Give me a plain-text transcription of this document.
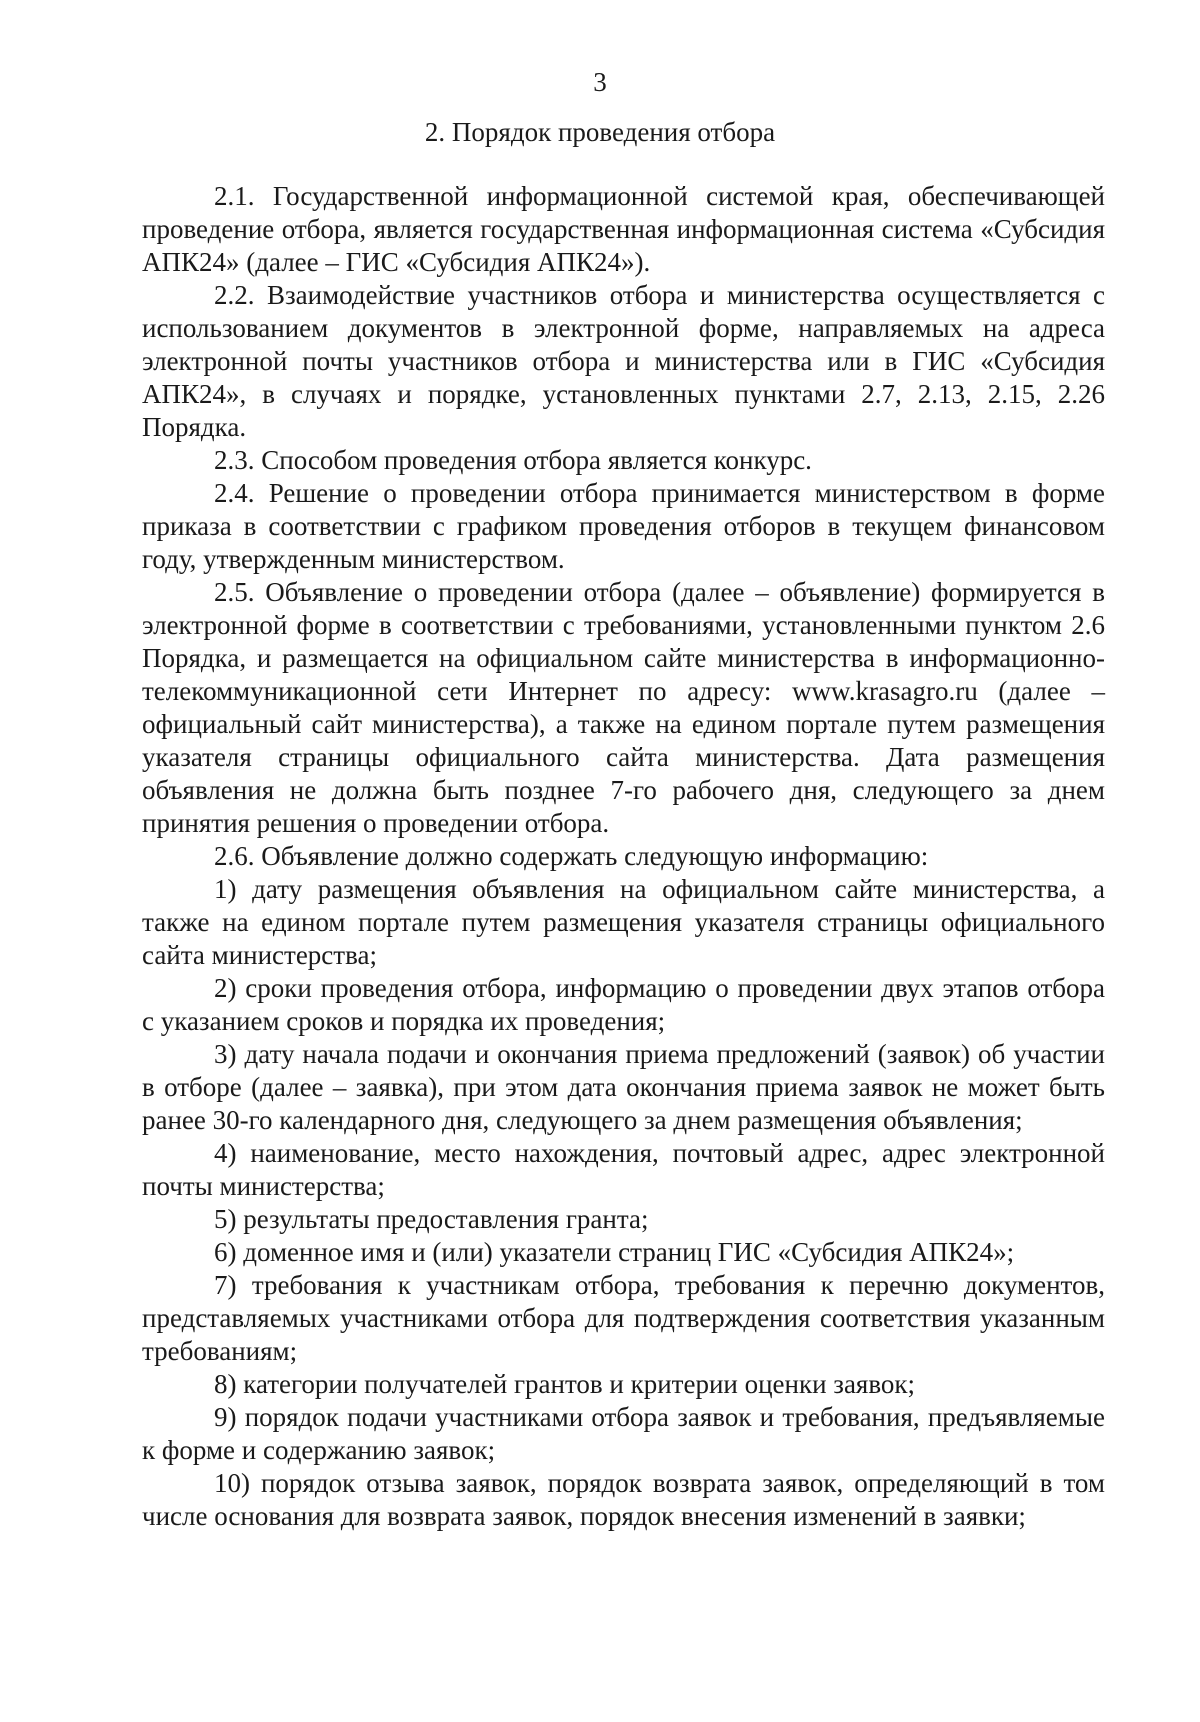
3
2. Порядок проведения отбора

2.1. Государственной информационной системой края, обеспечивающей проведение отбора, является государственная информационная система «Субсидия АПК24» (далее – ГИС «Субсидия АПК24»).

2.2. Взаимодействие участников отбора и министерства осуществляется с использованием документов в электронной форме, направляемых на адреса электронной почты участников отбора и министерства или в ГИС «Субсидия АПК24», в случаях и порядке, установленных пунктами 2.7, 2.13, 2.15, 2.26 Порядка.

2.3. Способом проведения отбора является конкурс.

2.4. Решение о проведении отбора принимается министерством в форме приказа в соответствии с графиком проведения отборов в текущем финансовом году, утвержденным министерством.

2.5. Объявление о проведении отбора (далее – объявление) формируется в электронной форме в соответствии с требованиями, установленными пунктом 2.6 Порядка, и размещается на официальном сайте министерства в информационно-телекоммуникационной сети Интернет по адресу: www.krasagro.ru (далее – официальный сайт министерства), а также на едином портале путем размещения указателя страницы официального сайта министерства. Дата размещения объявления не должна быть позднее 7-го рабочего дня, следующего за днем принятия решения о проведении отбора.

2.6. Объявление должно содержать следующую информацию:

1) дату размещения объявления на официальном сайте министерства, а также на едином портале путем размещения указателя страницы официального сайта министерства;

2) сроки проведения отбора, информацию о проведении двух этапов отбора с указанием сроков и порядка их проведения;

3) дату начала подачи и окончания приема предложений (заявок) об участии в отборе (далее – заявка), при этом дата окончания приема заявок не может быть ранее 30-го календарного дня, следующего за днем размещения объявления;

4) наименование, место нахождения, почтовый адрес, адрес электронной почты министерства;

5) результаты предоставления гранта;

6) доменное имя и (или) указатели страниц ГИС «Субсидия АПК24»;

7) требования к участникам отбора, требования к перечню документов, представляемых участниками отбора для подтверждения соответствия указанным требованиям;

8) категории получателей грантов и критерии оценки заявок;

9) порядок подачи участниками отбора заявок и требования, предъявляемые к форме и содержанию заявок;

10) порядок отзыва заявок, порядок возврата заявок, определяющий в том числе основания для возврата заявок, порядок внесения изменений в заявки;
